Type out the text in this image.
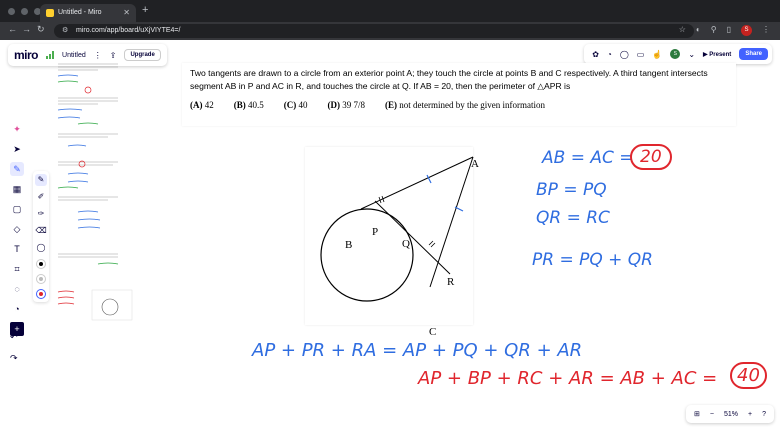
Untitled - Miro	✕ +
← → ↻ ⚙ miro.com/app/board/uXjVIYTE4=/	☆ ◐ ⚲ ▯	S	⋮
miro	Untitled ⋮ ⇪	Upgrade	✿ ◔ ◯ ▭ ☝	S	⌄ ▶ Present	Share
✦
➤
✎
▦
▢
◇
T
⌗
◌
◔
+
✎
✐
✑
⌫
◯

Two tangents are drawn to a circle from an exterior point A; they touch the circle at points B and C respectively. A third tangent intersects segment AB in P and AC in R, and touches the circle at Q. If AB = 20, then the perimeter of △APR is

(A) 42 (B) 40.5 (C) 40 (D) 39 7/8 (E) not determined by the given information
A
B
P
Q
R
C
AB = AC = 20
BP = PQ
QR = RC
PR = PQ + QR
AP + PR + RA = AP + PQ + QR + AR
AP + BP + RC + AR = AB + AC =	40
↶
↷
⊞ − 51% + ?
